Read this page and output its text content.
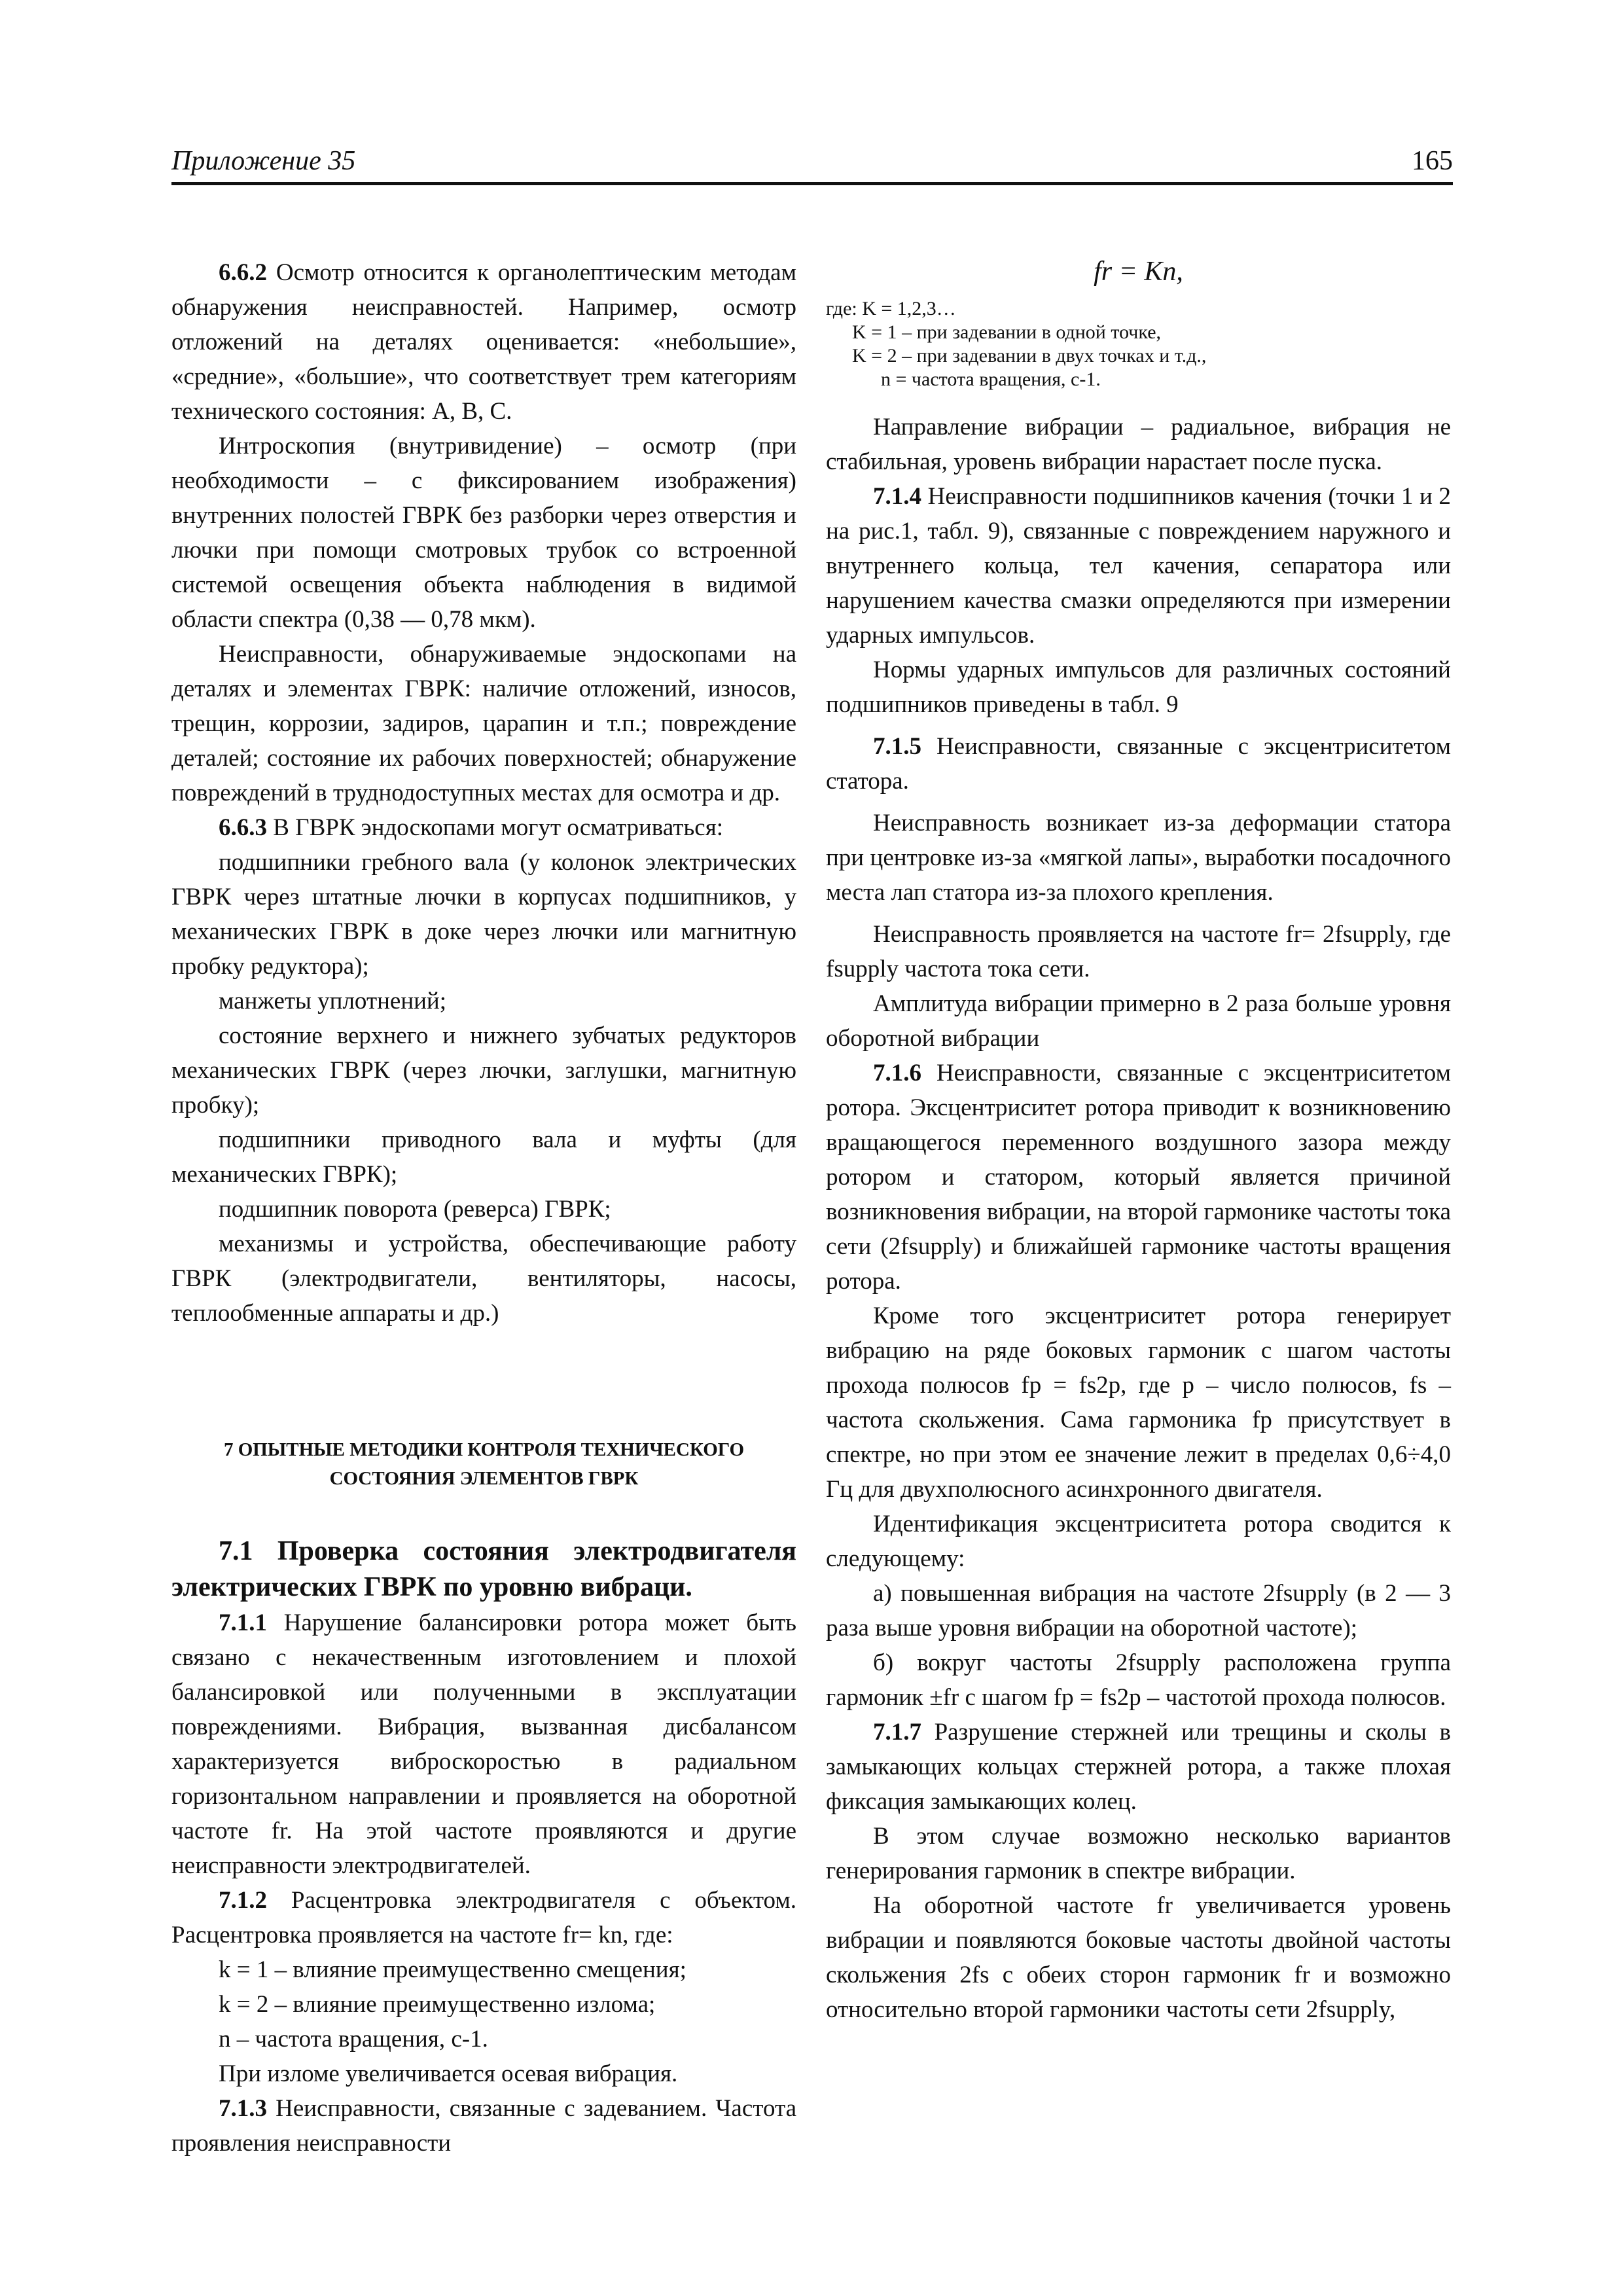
Приложение 35	165

6.6.2 Осмотр относится к органолептическим методам обнаружения неисправностей. Например, осмотр отложений на деталях оценивается: «небольшие», «средние», «большие», что соответствует трем категориям технического состояния: А, В, С.

Интроскопия (внутривидение) – осмотр (при необходимости – с фиксированием изображения) внутренних полостей ГВРК без разборки через отверстия и лючки при помощи смотровых трубок со встроенной системой освещения объекта наблюдения в видимой области спектра (0,38 — 0,78 мкм).

Неисправности, обнаруживаемые эндоскопами на деталях и элементах ГВРК: наличие отложений, износов, трещин, коррозии, задиров, царапин и т.п.; повреждение деталей; состояние их рабочих поверхностей; обнаружение повреждений в труднодоступных местах для осмотра и др.

6.6.3 В ГВРК эндоскопами могут осматриваться:

подшипники гребного вала (у колонок электрических ГВРК через штатные лючки в корпусах подшипников, у механических ГВРК в доке через лючки или магнитную пробку редуктора);

манжеты уплотнений;

состояние верхнего и нижнего зубчатых редукторов механических ГВРК (через лючки, заглушки, магнитную пробку);

подшипники приводного вала и муфты (для механических ГВРК);

подшипник поворота (реверса) ГВРК;

механизмы и устройства, обеспечивающие работу ГВРК (электродвигатели, вентиляторы, насосы, теплообменные аппараты и др.)

7 ОПЫТНЫЕ МЕТОДИКИ КОНТРОЛЯ ТЕХНИЧЕСКОГО СОСТОЯНИЯ ЭЛЕМЕНТОВ ГВРК

7.1 Проверка состояния электродвигателя электрических ГВРК по уровню вибраци.

7.1.1 Нарушение балансировки ротора может быть связано с некачественным изготовлением и плохой балансировкой или полученными в эксплуатации повреждениями. Вибрация, вызванная дисбалансом характеризуется виброскоростью в радиальном горизонтальном направлении и проявляется на оборотной частоте fr. На этой частоте проявляются и другие неисправности электродвигателей.

7.1.2 Расцентровка электродвигателя с объектом. Расцентровка проявляется на частоте fr= kn, где:

k = 1 – влияние преимущественно смещения;

k = 2 – влияние преимущественно излома;

n – частота вращения, с-1.

При изломе увеличивается осевая вибрация.

7.1.3 Неисправности, связанные с задеванием. Частота проявления неисправности

fr = Kn,

где: K = 1,2,3…

K = 1 – при задевании в одной точке,

K = 2 – при задевании в двух точках и т.д.,

n = частота вращения, с-1.

Направление вибрации – радиальное, вибрация не стабильная, уровень вибрации нарастает после пуска.

7.1.4 Неисправности подшипников качения (точки 1 и 2 на рис.1, табл. 9), связанные с повреждением наружного и внутреннего кольца, тел качения, сепаратора или нарушением качества смазки определяются при измерении ударных импульсов.

Нормы ударных импульсов для различных состояний подшипников приведены в табл. 9

7.1.5 Неисправности, связанные с эксцентриситетом статора.

Неисправность возникает из-за деформации статора при центровке из-за «мягкой лапы», выработки посадочного места лап статора из-за плохого крепления.

Неисправность проявляется на частоте fr= 2fsupply, где fsupply частота тока сети.

Амплитуда вибрации примерно в 2 раза больше уровня оборотной вибрации

7.1.6 Неисправности, связанные с эксцентриситетом ротора. Эксцентриситет ротора приводит к возникновению вращающегося переменного воздушного зазора между ротором и статором, который является причиной возникновения вибрации, на второй гармонике частоты тока сети (2fsupply) и ближайшей гармонике частоты вращения ротора.

Кроме того эксцентриситет ротора генерирует вибрацию на ряде боковых гармоник с шагом частоты прохода полюсов fp = fs2p, где p – число полюсов, fs – частота скольжения. Сама гармоника fp присутствует в спектре, но при этом ее значение лежит в пределах 0,6÷4,0 Гц для двухполюсного асинхронного двигателя.

Идентификация эксцентриситета ротора сводится к следующему:

а) повышенная вибрация на частоте 2fsupply (в 2 — 3 раза выше уровня вибрации на оборотной частоте);

б) вокруг частоты 2fsupply расположена группа гармоник ±fr с шагом fp = fs2p – частотой прохода полюсов.

7.1.7 Разрушение стержней или трещины и сколы в замыкающих кольцах стержней ротора, а также плохая фиксация замыкающих колец.

В этом случае возможно несколько вариантов генерирования гармоник в спектре вибрации.

На оборотной частоте fr увеличивается уровень вибрации и появляются боковые частоты двойной частоты скольжения 2fs с обеих сторон гармоник fr и возможно относительно второй гармоники частоты сети 2fsupply,
